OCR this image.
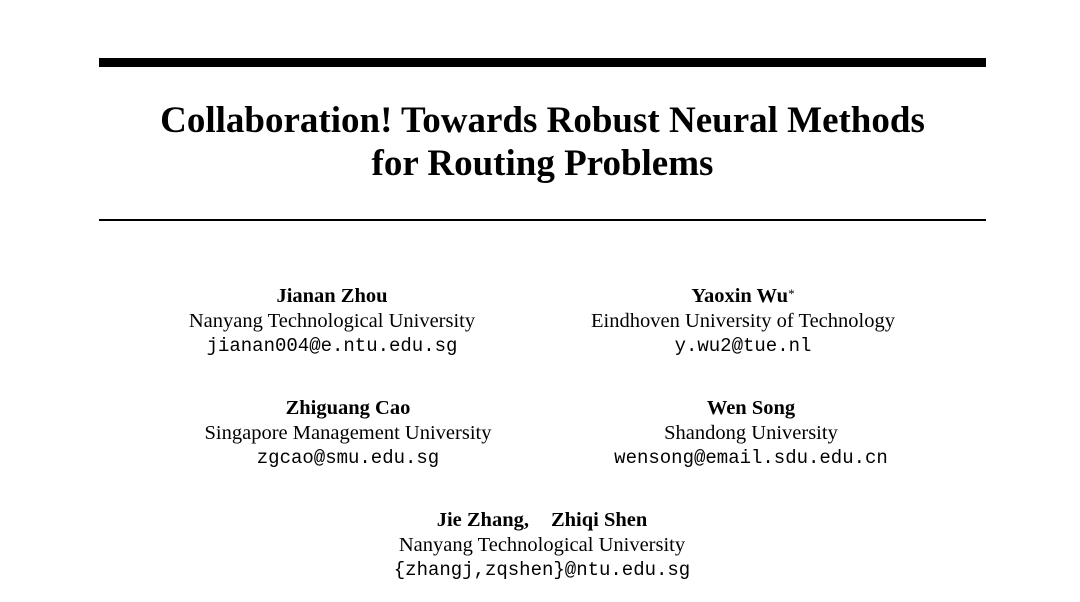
Collaboration! Towards Robust Neural Methods
for Routing Problems
Jianan Zhou
Nanyang Technological University
jianan004@e.ntu.edu.sg
Yaoxin Wu*
Eindhoven University of Technology
y.wu2@tue.nl
Zhiguang Cao
Singapore Management University
zgcao@smu.edu.sg
Wen Song
Shandong University
wensong@email.sdu.edu.cn
Jie Zhang, Zhiqi Shen
Nanyang Technological University
{zhangj,zqshen}@ntu.edu.sg
